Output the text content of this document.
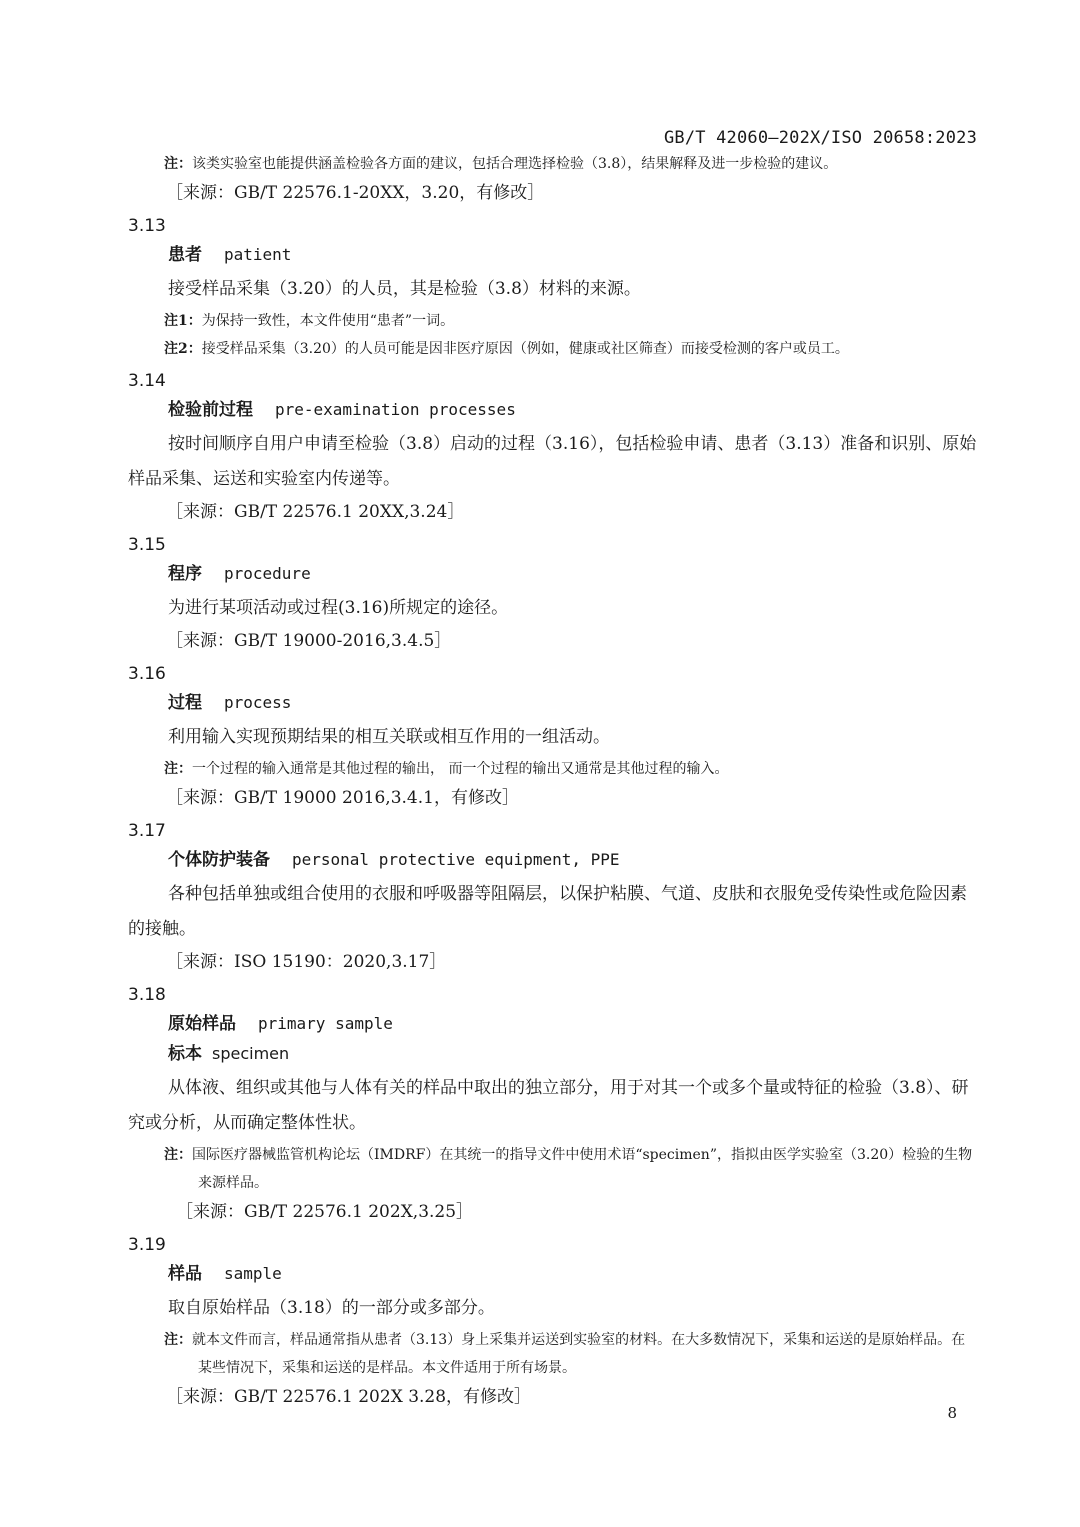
GB/T 42060—202X/ISO 20658:2023
注：该类实验室也能提供涵盖检验各方面的建议，包括合理选择检验（3.8），结果解释及进一步检验的建议。
［来源：GB/T 22576.1-20XX，3.20，有修改］
3.13
患者 patient
接受样品采集（3.20）的人员，其是检验（3.8）材料的来源。
注1：为保持一致性，本文件使用“患者”一词。
注2：接受样品采集（3.20）的人员可能是因非医疗原因（例如，健康或社区筛查）而接受检测的客户或员工。
3.14
检验前过程 pre-examination processes
按时间顺序自用户申请至检验（3.8）启动的过程（3.16），包括检验申请、患者（3.13）准备和识别、原始样品采集、运送和实验室内传递等。
［来源：GB/T 22576.1 20XX,3.24］
3.15
程序 procedure
为进行某项活动或过程(3.16)所规定的途径。
［来源：GB/T 19000-2016,3.4.5］
3.16
过程 process
利用输入实现预期结果的相互关联或相互作用的一组活动。
注：一个过程的输入通常是其他过程的输出， 而一个过程的输出又通常是其他过程的输入。
［来源：GB/T 19000 2016,3.4.1，有修改］
3.17
个体防护装备 personal protective equipment, PPE
各种包括单独或组合使用的衣服和呼吸器等阻隔层，以保护粘膜、气道、皮肤和衣服免受传染性或危险因素的接触。
［来源：ISO 15190：2020,3.17］
3.18
原始样品 primary sample
标本 specimen
从体液、组织或其他与人体有关的样品中取出的独立部分，用于对其一个或多个量或特征的检验（3.8）、研究或分析，从而确定整体性状。
注：国际医疗器械监管机构论坛（IMDRF）在其统一的指导文件中使用术语“specimen”，指拟由医学实验室（3.20）检验的生物来源样品。
［来源：GB/T 22576.1 202X,3.25］
3.19
样品 sample
取自原始样品（3.18）的一部分或多部分。
注：就本文件而言，样品通常指从患者（3.13）身上采集并运送到实验室的材料。在大多数情况下，采集和运送的是原始样品。在某些情况下，采集和运送的是样品。本文件适用于所有场景。
［来源：GB/T 22576.1 202X 3.28，有修改］
8
